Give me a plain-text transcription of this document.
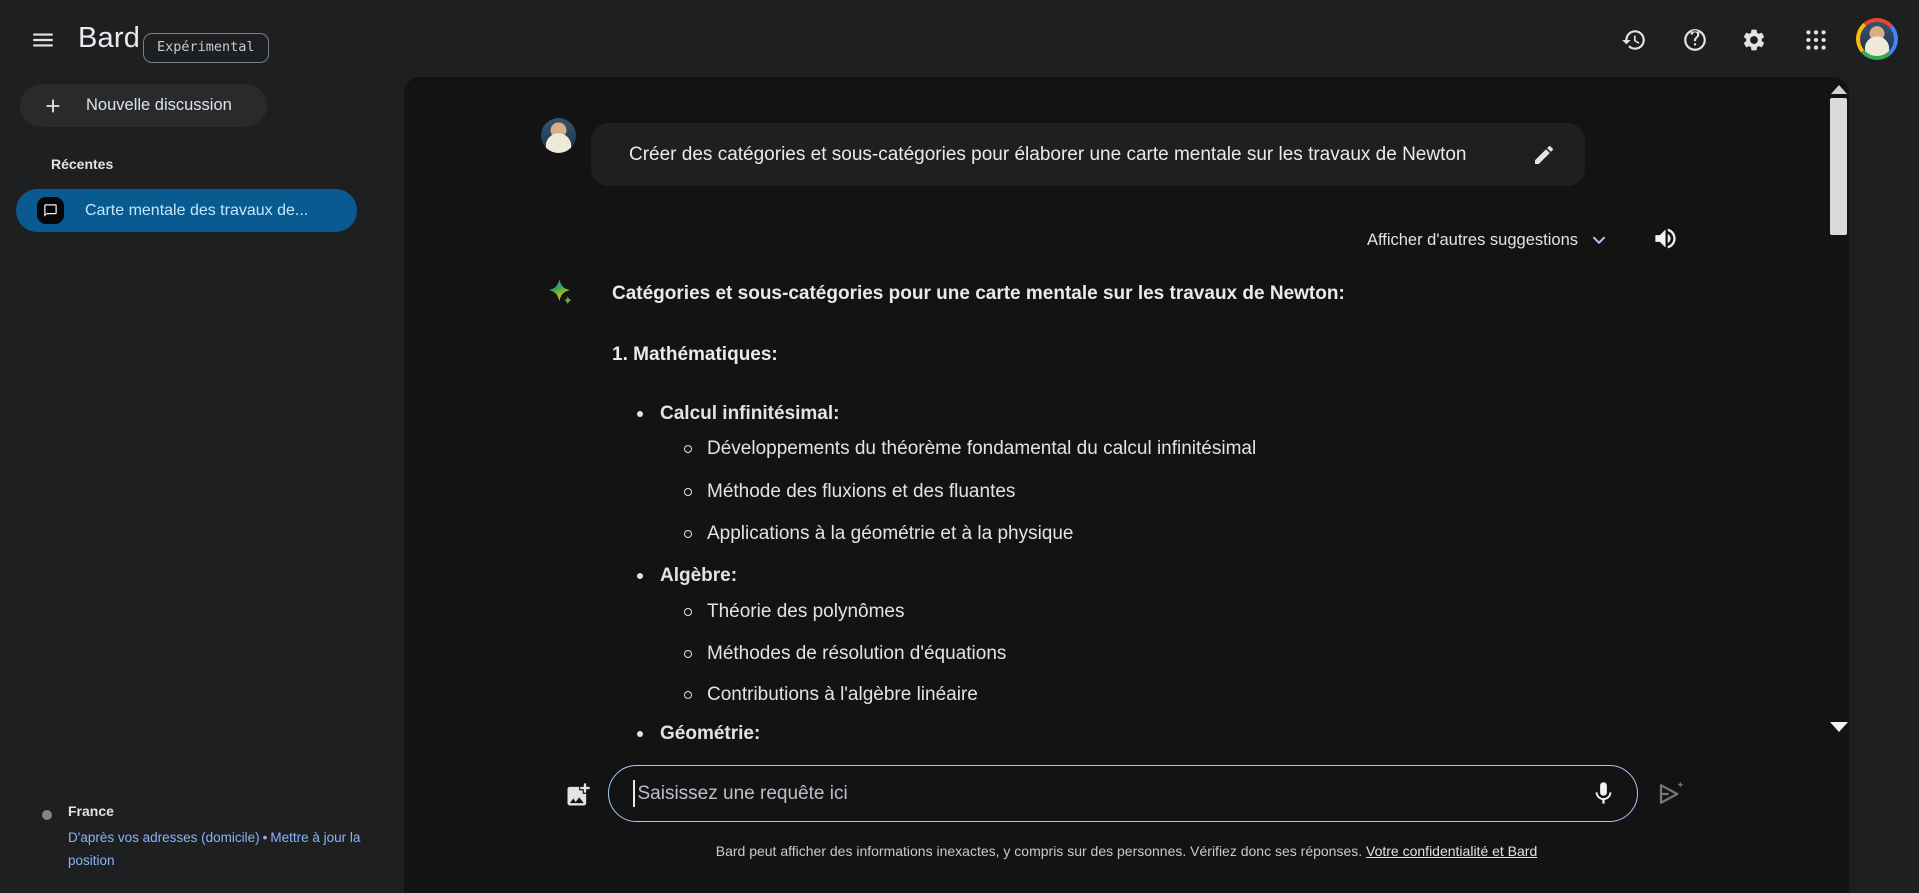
Bard	Expérimental
Nouvelle discussion
Récentes
Carte mentale des travaux de...
France
D'après vos adresses (domicile) • Mettre à jour la position
Créer des catégories et sous-catégories pour élaborer une carte mentale sur les travaux de Newton
Afficher d'autres suggestions
Catégories et sous-catégories pour une carte mentale sur les travaux de Newton:
1. Mathématiques:
Calcul infinitésimal:
Développements du théorème fondamental du calcul infinitésimal
Méthode des fluxions et des fluantes
Applications à la géométrie et à la physique
Algèbre:
Théorie des polynômes
Méthodes de résolution d'équations
Contributions à l'algèbre linéaire
Géométrie:
Saisissez une requête ici
Bard peut afficher des informations inexactes, y compris sur des personnes. Vérifiez donc ses réponses. Votre confidentialité et Bard
